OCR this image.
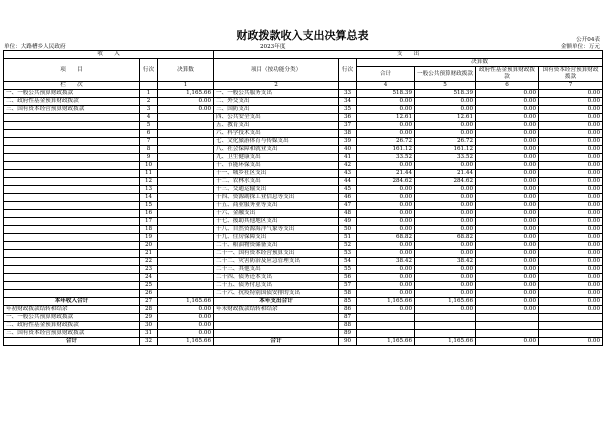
财政拨款收入支出决算总表	公开04表
单位：大路槽乡人民政府	2023年度	金额单位：万元
收　　入			支　　出					
项　　目	行次	决算数	项目（按功能分类）	行次	决算数			
					合计	一般公共预算财政拨款	政府性基金预算财政拨款	国有资本经营预算财政拨款

栏　　次		1	2		4	5	6	7
一、一般公共预算财政拨款	1	1,165.66	一、一般公共服务支出	33	518.39	518.39	0.00	0.00
二、政府性基金预算财政拨款	2	0.00	二、外交支出	34	0.00	0.00	0.00	0.00
三、国有资本经营预算财政拨款	3	0.00	三、国防支出	35	0.00	0.00	0.00	0.00
	4		四、公共安全支出	36	12.61	12.61	0.00	0.00
	5		五、教育支出	37	0.00	0.00	0.00	0.00
	6		六、科学技术支出	38	0.00	0.00	0.00	0.00
	7		七、文化旅游体育与传媒支出	39	26.72	26.72	0.00	0.00
	8		八、社会保障和就业支出	40	161.12	161.12	0.00	0.00
	9		九、卫生健康支出	41	33.52	33.52	0.00	0.00
	10		十、节能环保支出	42	0.00	0.00	0.00	0.00
	11		十一、城乡社区支出	43	21.44	21.44	0.00	0.00
	12		十二、农林水支出	44	284.62	284.62	0.00	0.00
	13		十三、交通运输支出	45	0.00	0.00	0.00	0.00
	14		十四、资源勘探工业信息等支出	46	0.00	0.00	0.00	0.00
	15		十五、商业服务业等支出	47	0.00	0.00	0.00	0.00
	16		十六、金融支出	48	0.00	0.00	0.00	0.00
	17		十七、援助其他地区支出	49	0.00	0.00	0.00	0.00
	18		十八、自然资源海洋气象等支出	50	0.00	0.00	0.00	0.00
	19		十九、住房保障支出	51	68.82	68.82	0.00	0.00
	20		二十、粮油物资储备支出	52	0.00	0.00	0.00	0.00
	21		二十一、国有资本经营预算支出	53	0.00	0.00	0.00	0.00
	22		二十二、灾害防治及应急管理支出	54	38.42	38.42	0.00	0.00
	23		二十三、其他支出	55	0.00	0.00	0.00	0.00
	24		二十四、债务还本支出	56	0.00	0.00	0.00	0.00
	25		二十五、债务付息支出	57	0.00	0.00	0.00	0.00
	26		二十六、抗疫特别国债安排的支出	58	0.00	0.00	0.00	0.00
本年收入合计	27	1,165.66	本年支出合计	85	1,165.66	1,165.66	0.00	0.00
年初财政拨款结转和结余	28	0.00	年末财政拨款结转和结余	86	0.00	0.00	0.00	0.00
一、一般公共预算财政拨款	29	0.00		87				
二、政府性基金预算财政拨款	30	0.00		88				
三、国有资本经营预算财政拨款	31	0.00		89				
合计	32	1,165.66	合计	90	1,165.66	1,165.66	0.00	0.00
